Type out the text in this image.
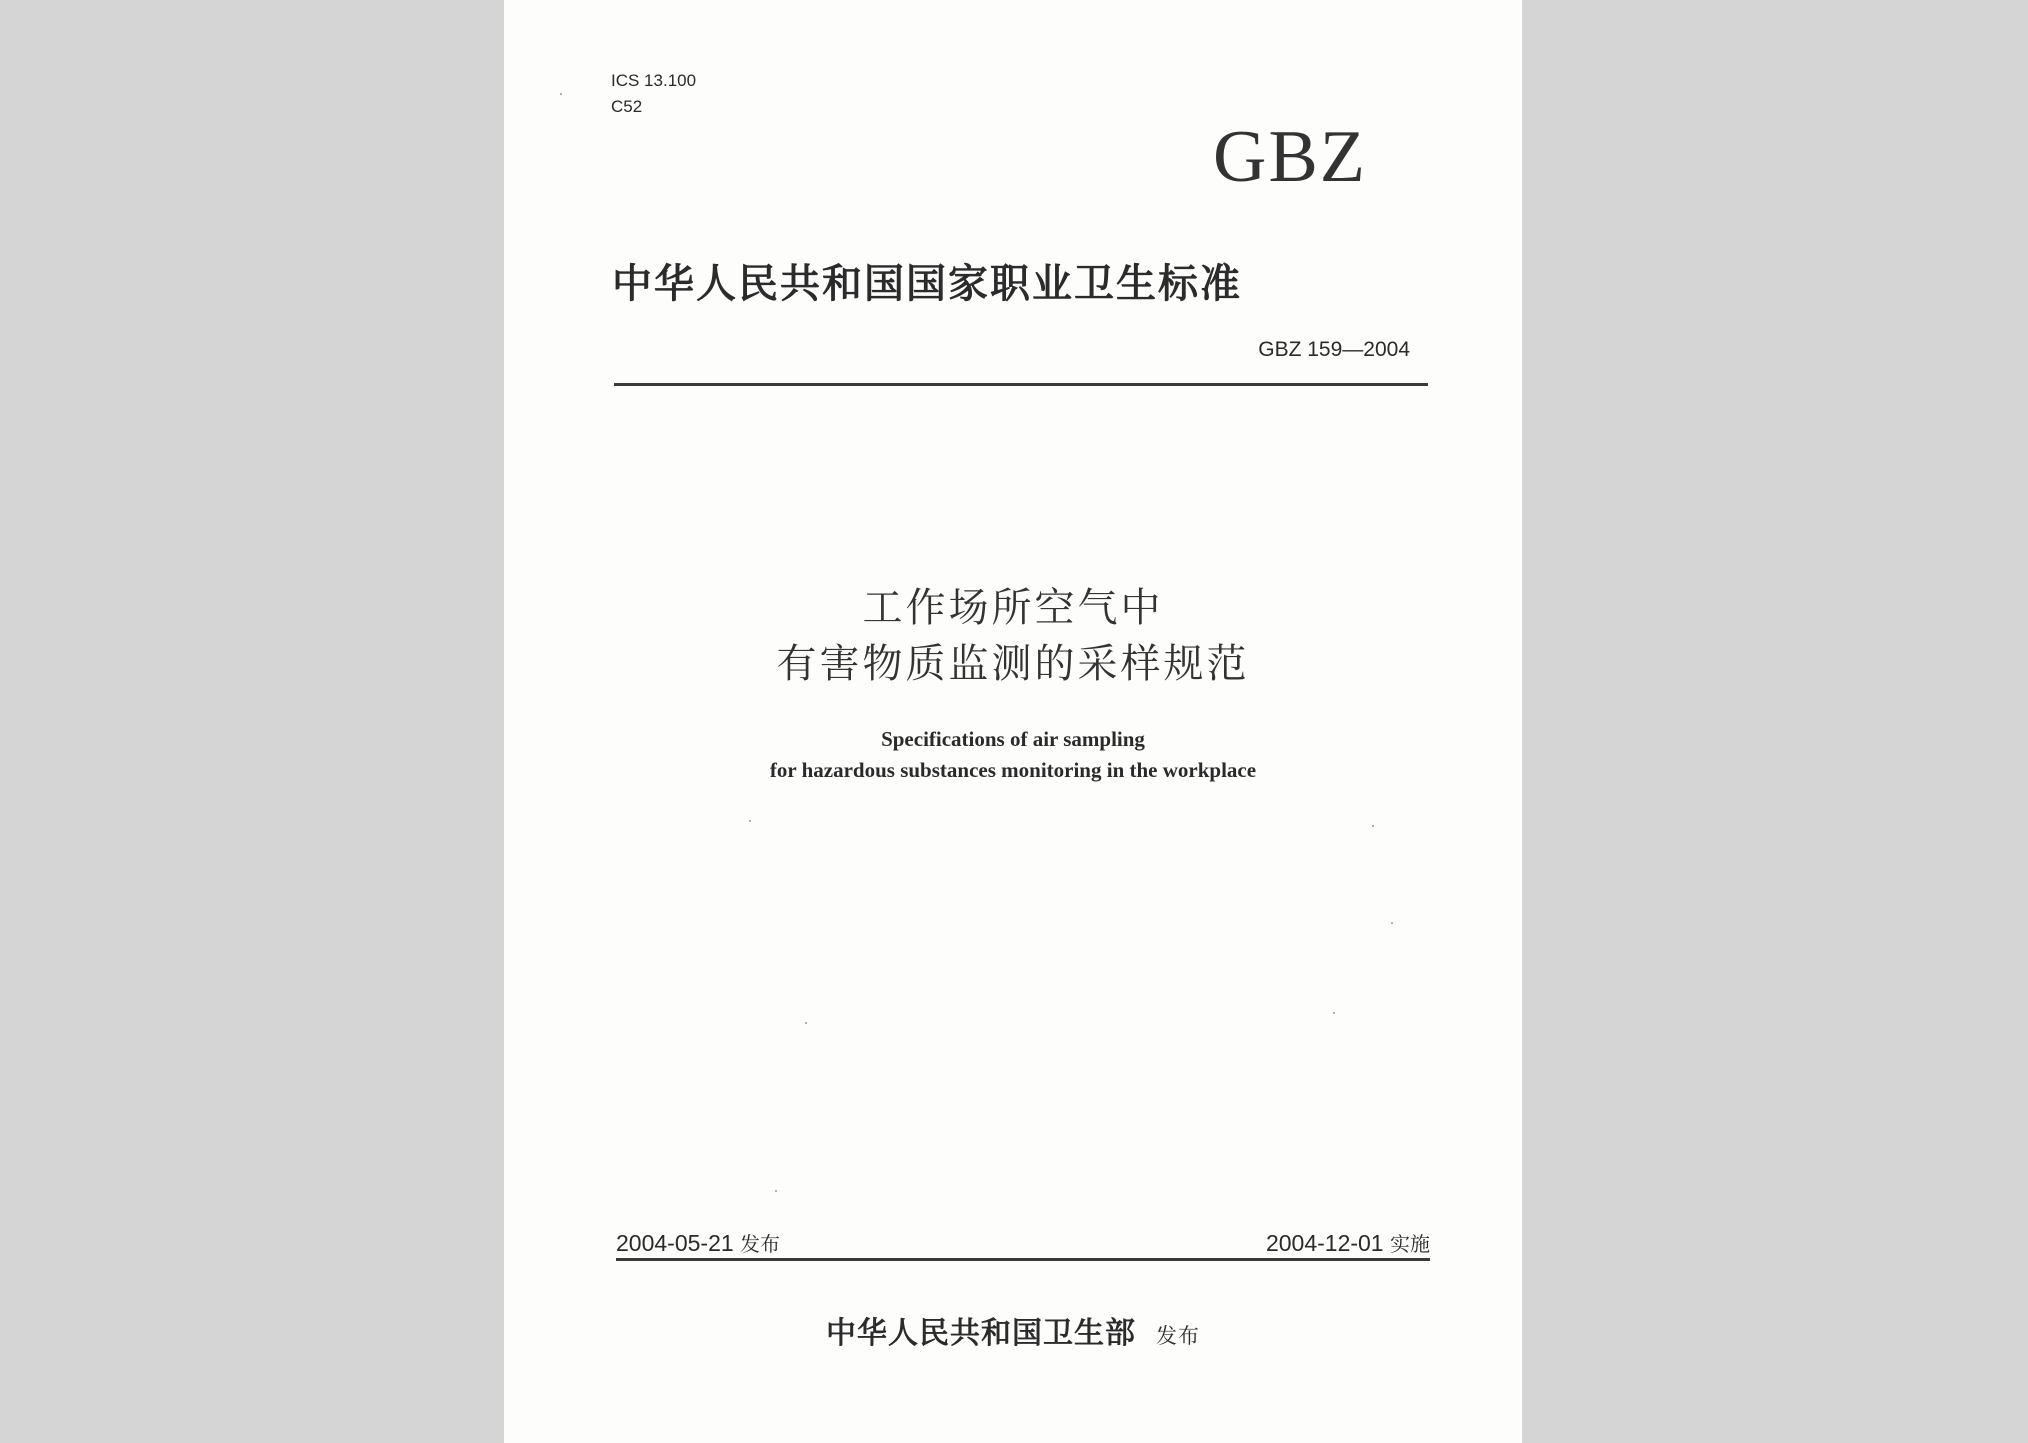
ICS 13.100
C52
GBZ
中华人民共和国国家职业卫生标准
GBZ 159—2004
工作场所空气中
有害物质监测的采样规范
Specifications of air sampling
for hazardous substances monitoring in the workplace
2004-05-21 发布	2004-12-01 实施
中华人民共和国卫生部 发布
